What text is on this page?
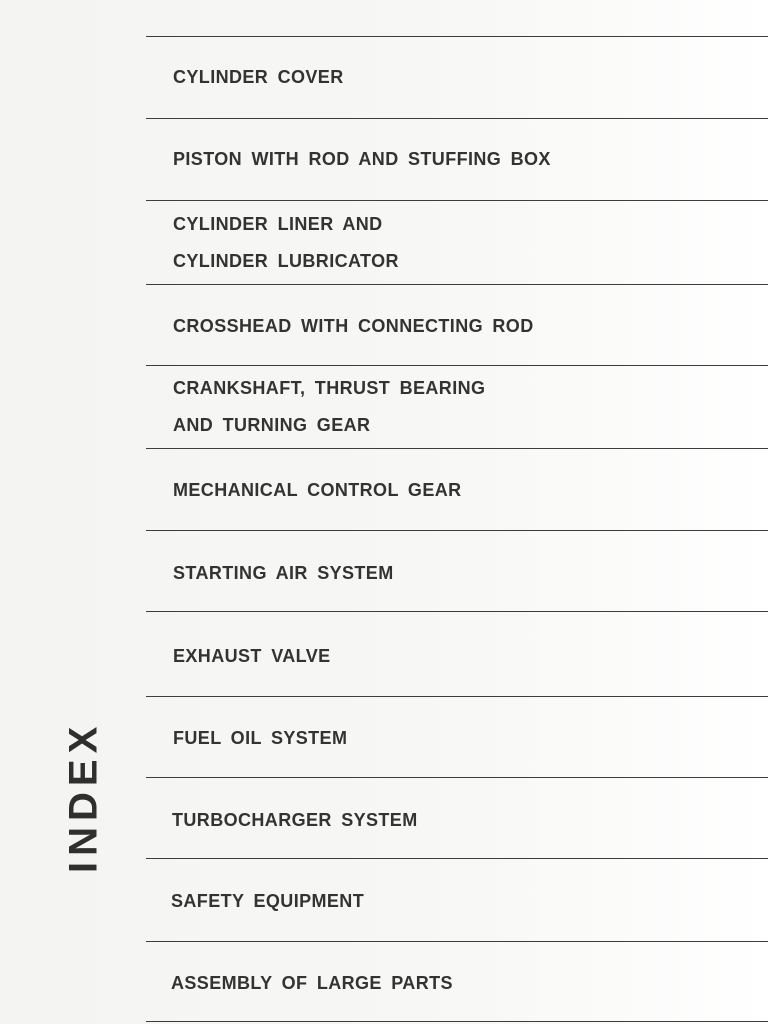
CYLINDER COVER
PISTON WITH ROD AND STUFFING BOX
CYLINDER LINER AND
CYLINDER LUBRICATOR
CROSSHEAD WITH CONNECTING ROD
CRANKSHAFT, THRUST BEARING
AND TURNING GEAR
MECHANICAL CONTROL GEAR
STARTING AIR SYSTEM
EXHAUST VALVE
FUEL OIL SYSTEM
TURBOCHARGER SYSTEM
SAFETY EQUIPMENT
ASSEMBLY OF LARGE PARTS
INDEX
